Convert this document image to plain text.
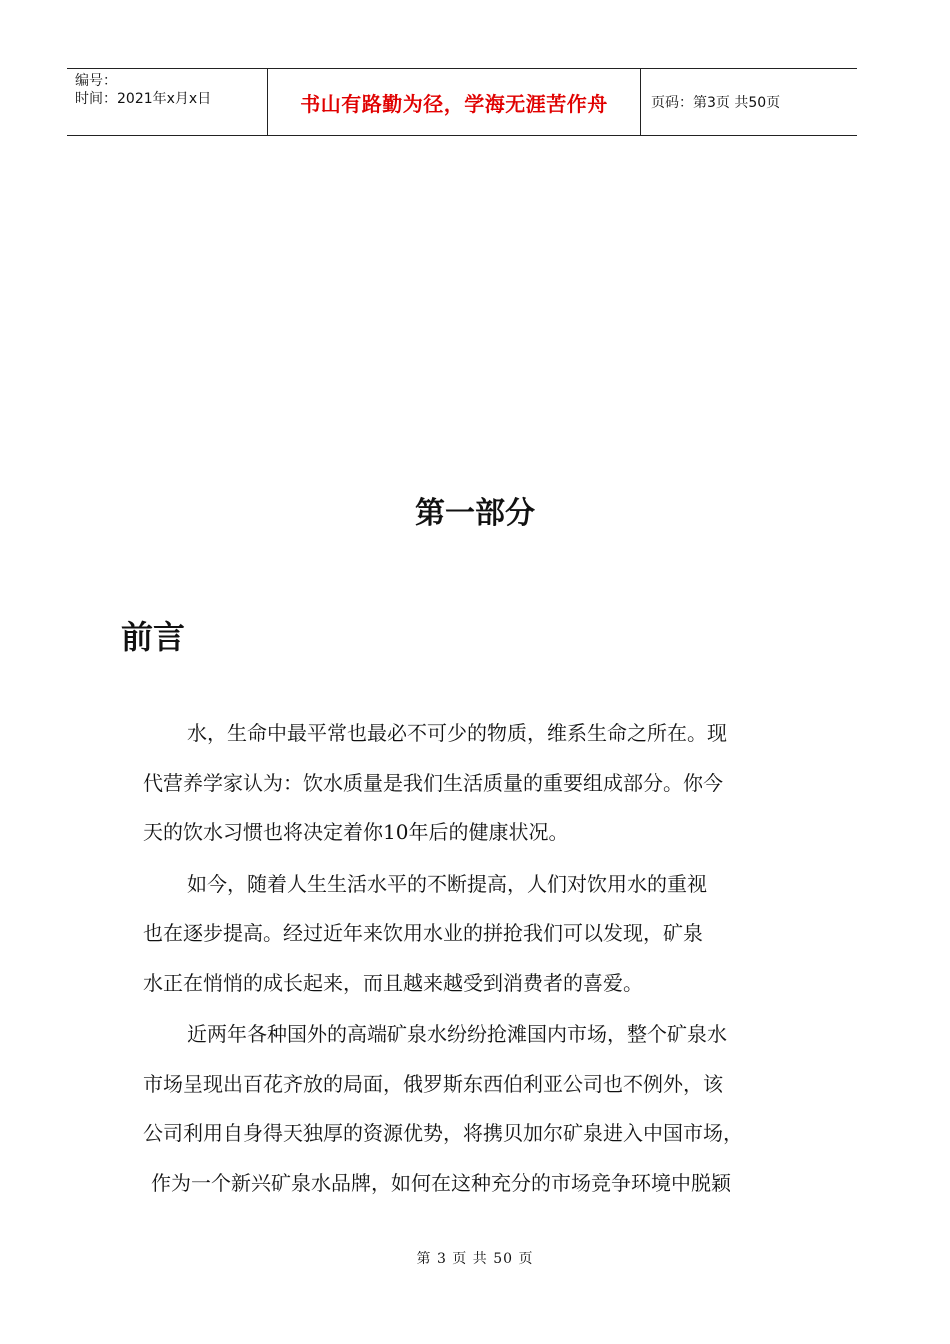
编号：
时间：2021年x月x日	书山有路勤为径，学海无涯苦作舟	页码：第3页 共50页
第一部分
前言
水，生命中最平常也最必不可少的物质，维系生命之所在。现
代营养学家认为：饮水质量是我们生活质量的重要组成部分。你今
天的饮水习惯也将决定着你10年后的健康状况。
如今，随着人生生活水平的不断提高，人们对饮用水的重视
也在逐步提高。经过近年来饮用水业的拼抢我们可以发现，矿泉
水正在悄悄的成长起来，而且越来越受到消费者的喜爱。
近两年各种国外的高端矿泉水纷纷抢滩国内市场，整个矿泉水
市场呈现出百花齐放的局面，俄罗斯东西伯利亚公司也不例外，该
公司利用自身得天独厚的资源优势，将携贝加尔矿泉进入中国市场，
作为一个新兴矿泉水品牌，如何在这种充分的市场竞争环境中脱颖
第 3 页 共 50 页
